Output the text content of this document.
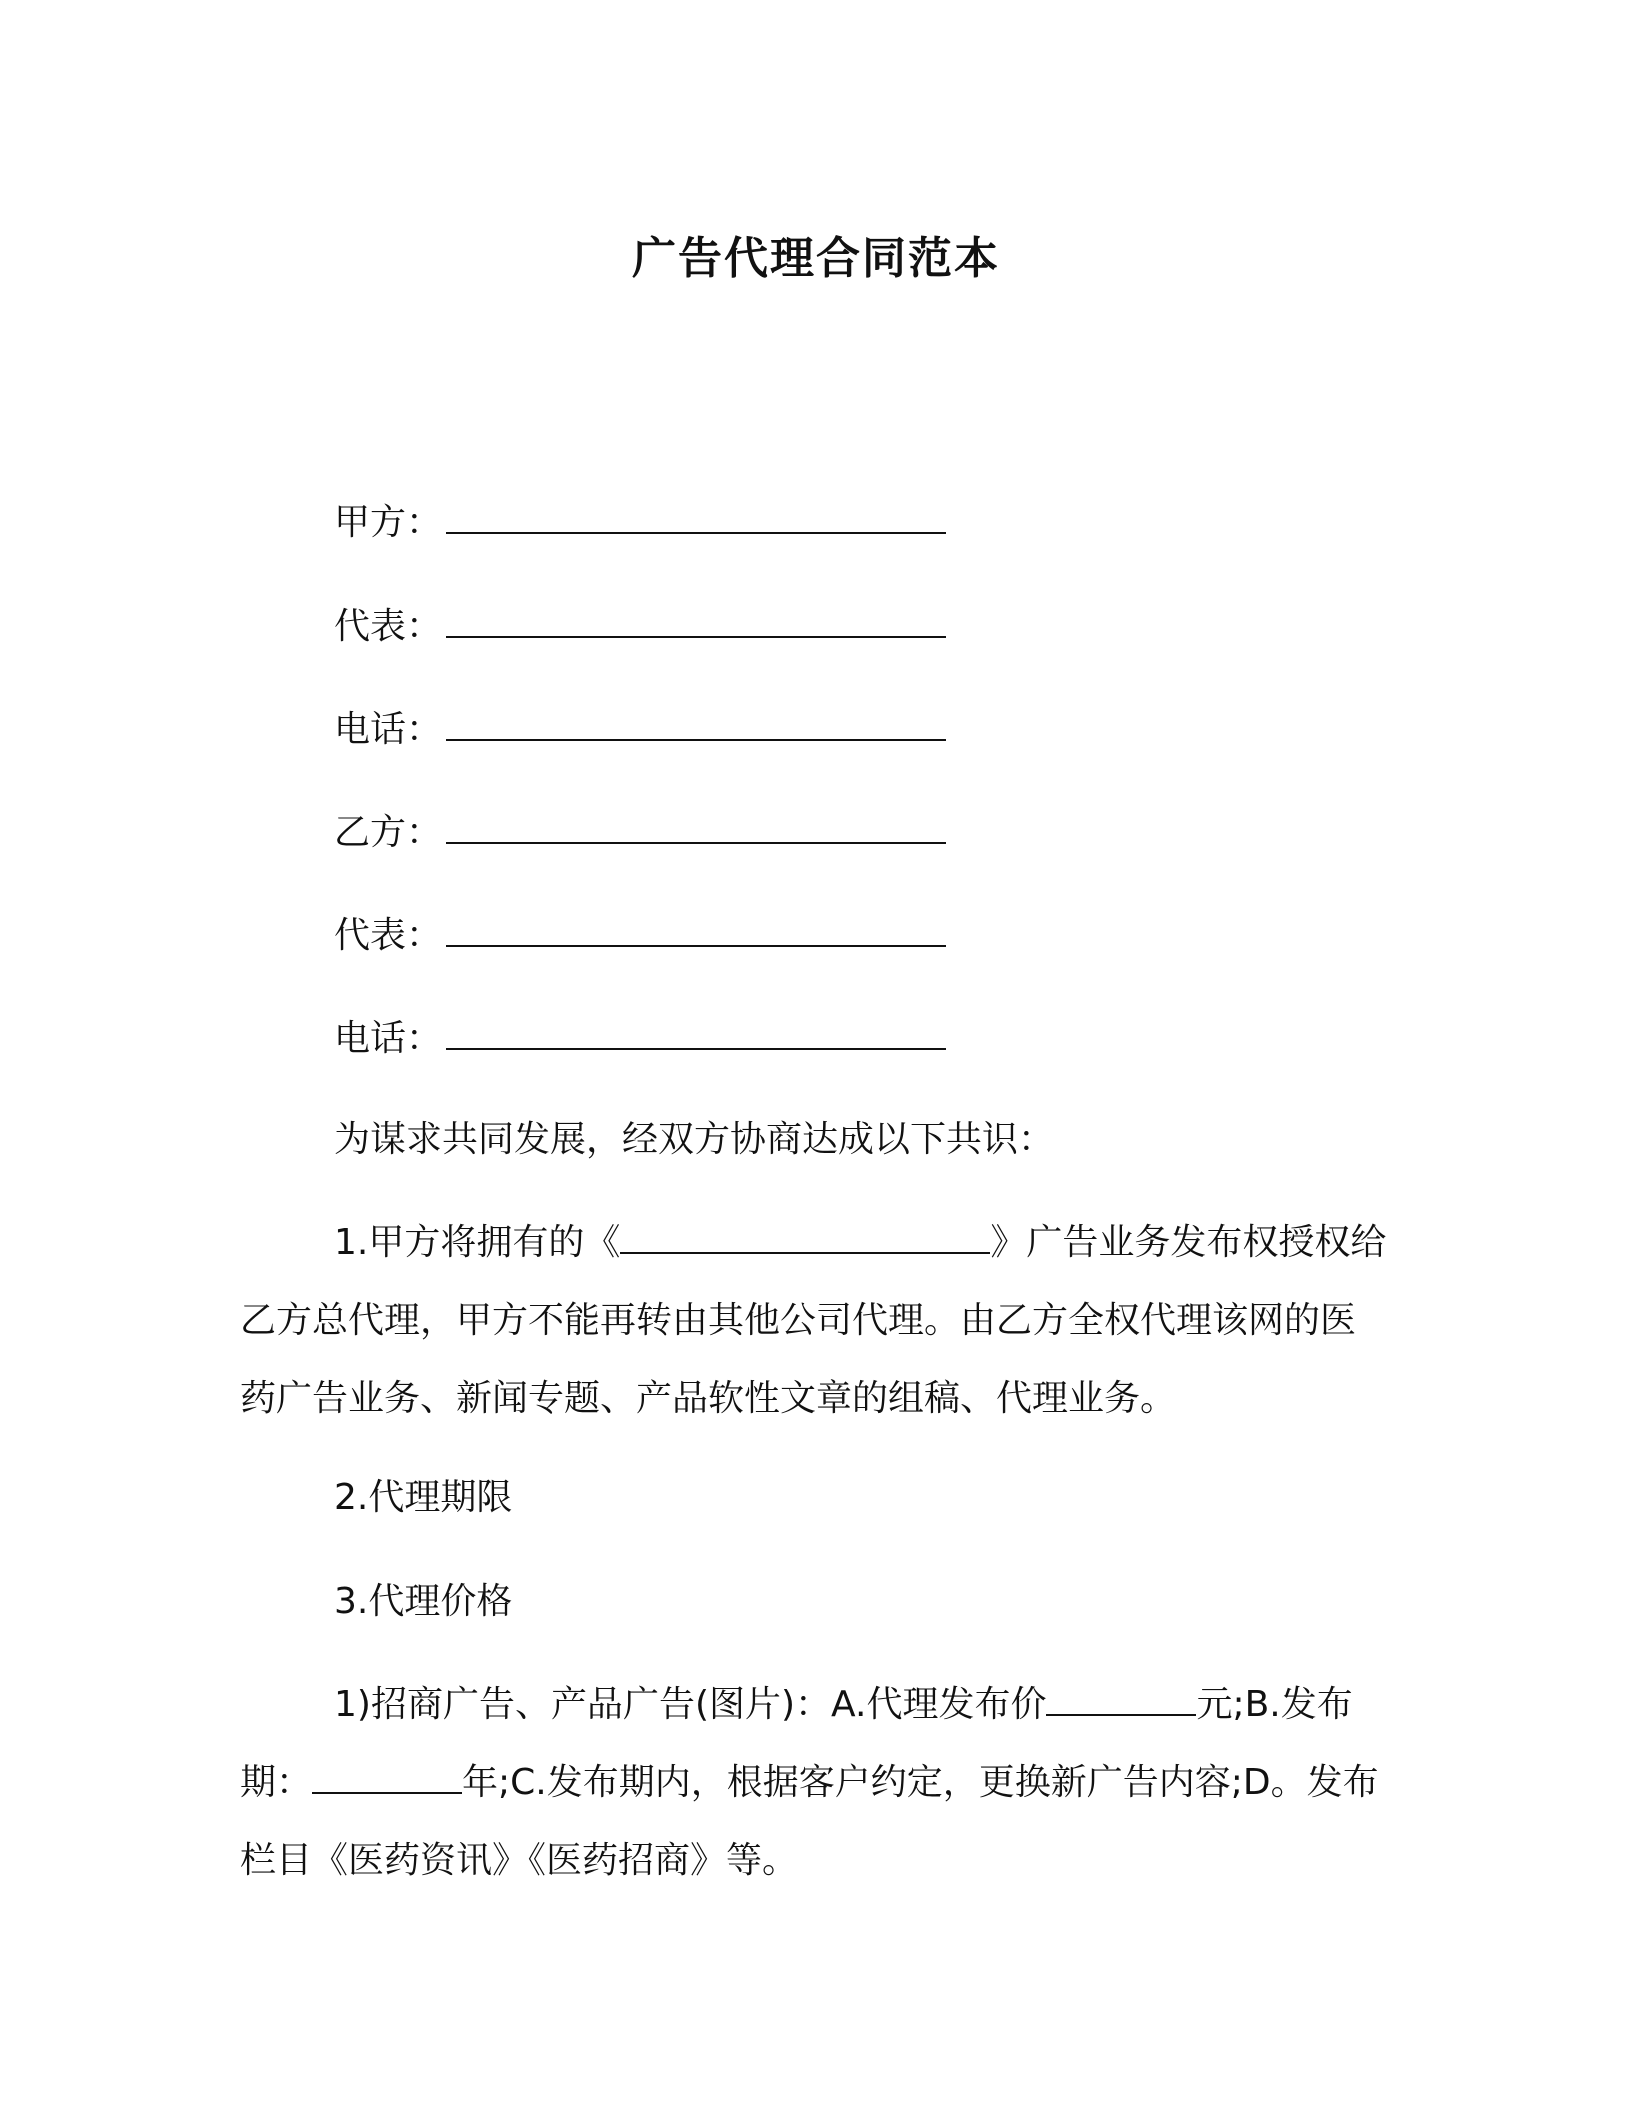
广告代理合同范本
甲方：
代表：
电话：
乙方：
代表：
电话：
为谋求共同发展，经双方协商达成以下共识：
1.甲方将拥有的《	》广告业务发布权授权给乙方总代理，甲方不能再转由其他公司代理。由乙方全权代理该网的医药广告业务、新闻专题、产品软性文章的组稿、代理业务。
2.代理期限
3.代理价格
1)招商广告、产品广告(图片)：A.代理发布价	元;B.发布期：	年;C.发布期内，根据客户约定，更换新广告内容;D。发布栏目《医药资讯》《医药招商》等。
